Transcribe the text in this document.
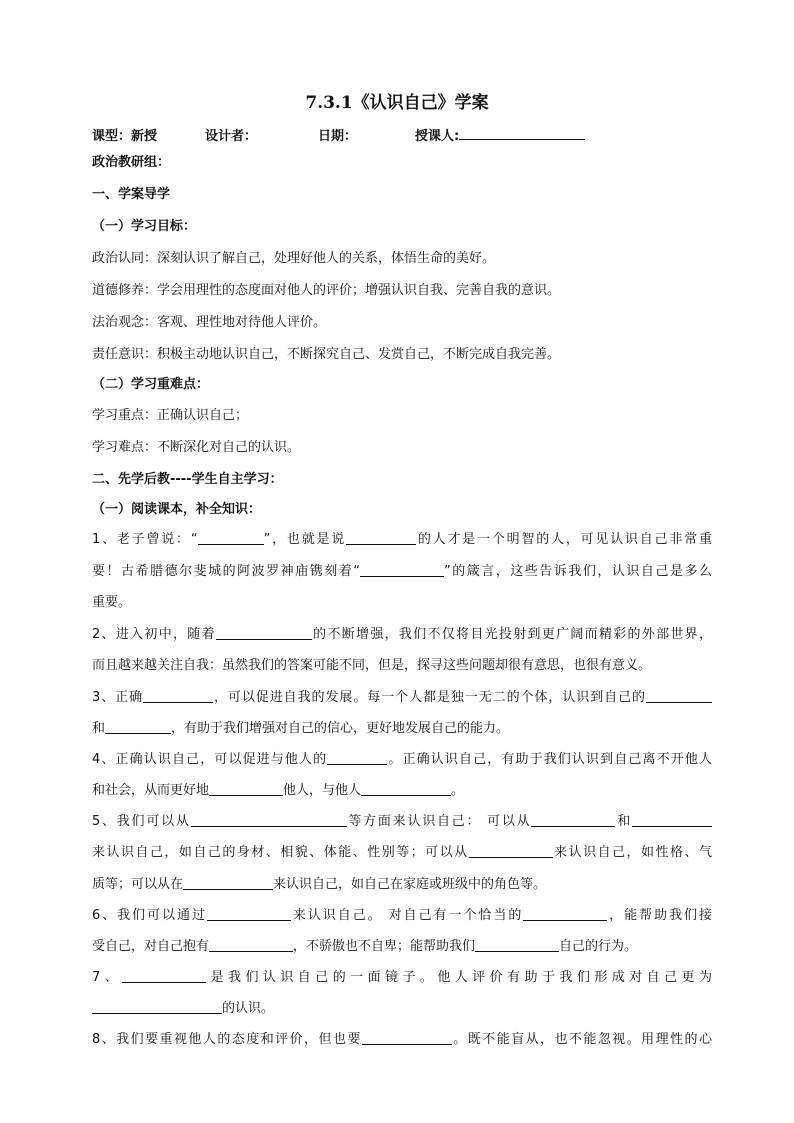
7.3.1《认识自己》学案
课型：新授	设计者：	日期：	授课人:
政治教研组：
一、学案导学
（一）学习目标：
政治认同：深刻认识了解自己，处理好他人的关系，体悟生命的美好。
道德修养：学会用理性的态度面对他人的评价；增强认识自我、完善自我的意识。
法治观念：客观、理性地对待他人评价。
责任意识：积极主动地认识自己，不断探究自己、发赏自己，不断完成自我完善。
（二）学习重难点：
学习重点：正确认识自己；
学习难点：不断深化对自己的认识。
二、先学后教----学生自主学习：
（一）阅读课本，补全知识：
1、老子曾说：“	”，也就是说	的人才是一个明智的人，可见认识自己非常重
要！古希腊德尔斐城的阿波罗神庙镌刻着“	”的箴言，这些告诉我们，认识自己是多么
重要。
2、进入初中，随着	的不断增强，我们不仅将目光投射到更广阔而精彩的外部世界，
而且越来越关注自我：虽然我们的答案可能不同，但是，探寻这些问题却很有意思，也很有意义。
3、正确	，可以促进自我的发展。每一个人都是独一无二的个体，认识到自己的
和	，有助于我们增强对自己的信心，更好地发展自己的能力。
4、正确认识自己，可以促进与他人的	。正确认识自己，有助于我们认识到自己离不开他人
和社会，从而更好地	他人，与他人	。
5、我们可以从	等方面来认识自己： 可以从	和
来认识自己，如自己的身材、相貌、体能、性别等；可以从	来认识自己，如性格、气
质等；可以从在	来认识自己，如自己在家庭或班级中的角色等。
6、我们可以通过	来认识自己。 对自己有一个恰当的	，能帮助我们接
受自己，对自己抱有	，不骄傲也不自卑；能帮助我们	自己的行为。
7、	是我们认识自己的一面镜子。他人评价有助于我们形成对自己更为
的认识。
8、我们要重视他人的态度和评价，但也要	。既不能盲从，也不能忽视。用理性的心
